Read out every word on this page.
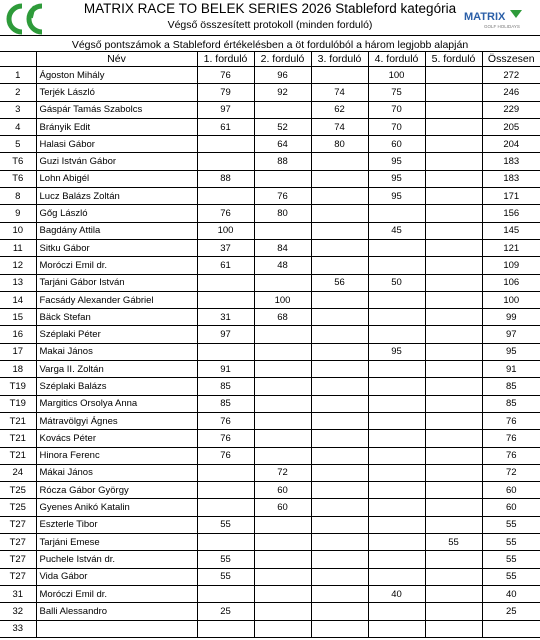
MATRIX
GOLF HOLIDAYS
MATRIX RACE TO BELEK SERIES 2026 Stableford kategória
Végső összesített protokoll (minden forduló)
Végső pontszámok a Stableford értékelésben a öt fordulóból a három legjobb alapján
	Név	1. forduló	2. forduló	3. forduló	4. forduló	5. forduló	Összesen
1	Ágoston Mihály	76	96		100		272
2	Terjék László	79	92	74	75		246
3	Gáspár Tamás Szabolcs	97		62	70		229
4	Brányik Edit	61	52	74	70		205
5	Halasi Gábor		64	80	60		204
T6	Guzi István Gábor		88		95		183
T6	Lohn Abigél	88			95		183
8	Lucz Balázs Zoltán		76		95		171
9	Gőg László	76	80				156
10	Bagdány Attila	100			45		145
11	Sitku Gábor	37	84				121
12	Moróczi Emil dr.	61	48				109
13	Tarjáni Gábor István			56	50		106
14	Facsády Alexander Gábriel		100				100
15	Bäck Stefan	31	68				99
16	Széplaki Péter	97					97
17	Makai János				95		95
18	Varga II. Zoltán	91					91
T19	Széplaki Balázs	85					85
T19	Margitics Orsolya Anna	85					85
T21	Mátravölgyi Ágnes	76					76
T21	Kovács Péter	76					76
T21	Hinora Ferenc	76					76
24	Mákai János		72				72
T25	Rócza Gábor György		60				60
T25	Gyenes Anikó Katalin		60				60
T27	Eszterle Tibor	55					55
T27	Tarjáni Emese					55	55
T27	Puchele István dr.	55					55
T27	Vida Gábor	55					55
31	Moróczi Emil dr.				40		40
32	Balli Alessandro	25					25
33							
